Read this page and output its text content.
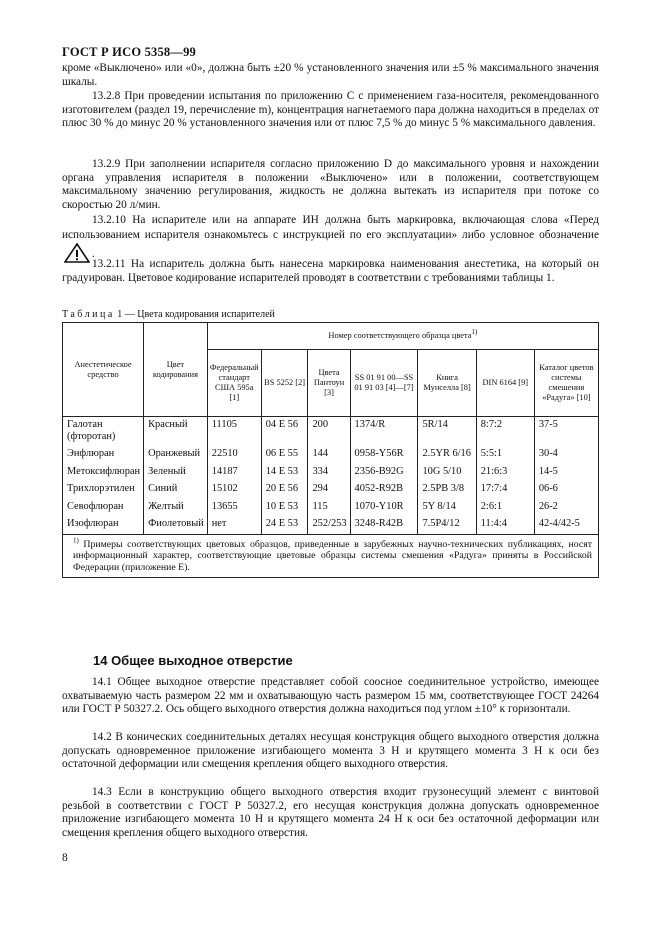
ГОСТ Р ИСО 5358—99

кроме «Выключено» или «0», должна быть ±20 % установленного значения или ±5 % максимального значения шкалы.

13.2.8 При проведении испытания по приложению С с применением газа-носителя, рекомендованного изготовителем (раздел 19, перечисление m), концентрация нагнетаемого пара должна находиться в пределах от плюс 30 % до минус 20 % установленного значения или от плюс 7,5 % до минус 5 % максимального давления.

13.2.9 При заполнении испарителя согласно приложению D до максимального уровня и нахождении органа управления испарителя в положении «Выключено» или в положении, соответствующем максимальному значению регулирования, жидкость не должна вытекать из испарителя при потоке со скоростью 20 л/мин.

13.2.10 На испарителе или на аппарате ИН должна быть маркировка, включающая слова «Перед использованием испарителя ознакомьтесь с инструкцией по его эксплуатации» либо условное обозначение .

13.2.11 На испаритель должна быть нанесена маркировка наименования анестетика, на который он градуирован. Цветовое кодирование испарителей проводят в соответствии с требованиями таблицы 1.

Таблица 1 — Цвета кодирования испарителей
Анестетическое средство	Цвет кодирования	Номер соответствующего образца цвета$^{1)}$
		Федеральный стандарт США 595а [1]	BS 5252 [2]	Цвета Пантоун [3]	SS 01 91 00—SS 01 91 03 [4]—[7]	Книга Мунселла [8]	DIN 6164 [9]	Каталог цветов системы смешения «Радуга» [10]
Галотан (фторотан)	Красный	11105	04 Е 56	200	1374/R	5R/14	8:7:2	37-5
Энфлюран	Оранжевый	22510	06 Е 55	144	0958-Y56R	2.5YR 6/16	5:5:1	30-4
Метоксифлюран	Зеленый	14187	14 Е 53	334	2356-B92G	10G 5/10	21:6:3	14-5
Трихлорэтилен	Синий	15102	20 Е 56	294	4052-R92B	2.5PB 3/8	17:7:4	06-6
Севофлюран	Желтый	13655	10 Е 53	115	1070-Y10R	5Y 8/14	2:6:1	26-2
Изофлюран	Фиолетовый	нет	24 Е 53	252/253	3248-R42B	7.5P4/12	11:4:4	42-4/42-5
$^{1)}$ Примеры соответствующих цветовых образцов, приведенные в зарубежных научно-технических публикациях, носят информационный характер, соответствующие цветовые образцы системы смешения «Радуга» приняты в Российской Федерации (приложение Е).								
14 Общее выходное отверстие

14.1 Общее выходное отверстие представляет собой соосное соединительное устройство, имеющее охватываемую часть размером 22 мм и охватывающую часть размером 15 мм, соответствующее ГОСТ 24264 или ГОСТ Р 50327.2. Ось общего выходного отверстия должна находиться под углом ±10° к горизонтали.

14.2 В конических соединительных деталях несущая конструкция общего выходного отверстия должна допускать одновременное приложение изгибающего момента 3 Н и крутящего момента 3 Н к оси без остаточной деформации или смещения крепления общего выходного отверстия.

14.3 Если в конструкцию общего выходного отверстия входит грузонесущий элемент с винтовой резьбой в соответствии с ГОСТ Р 50327.2, его несущая конструкция должна допускать одновременное приложение изгибающего момента 10 Н и крутящего момента 24 Н к оси без остаточной деформации или смещения крепления общего выходного отверстия.

8
